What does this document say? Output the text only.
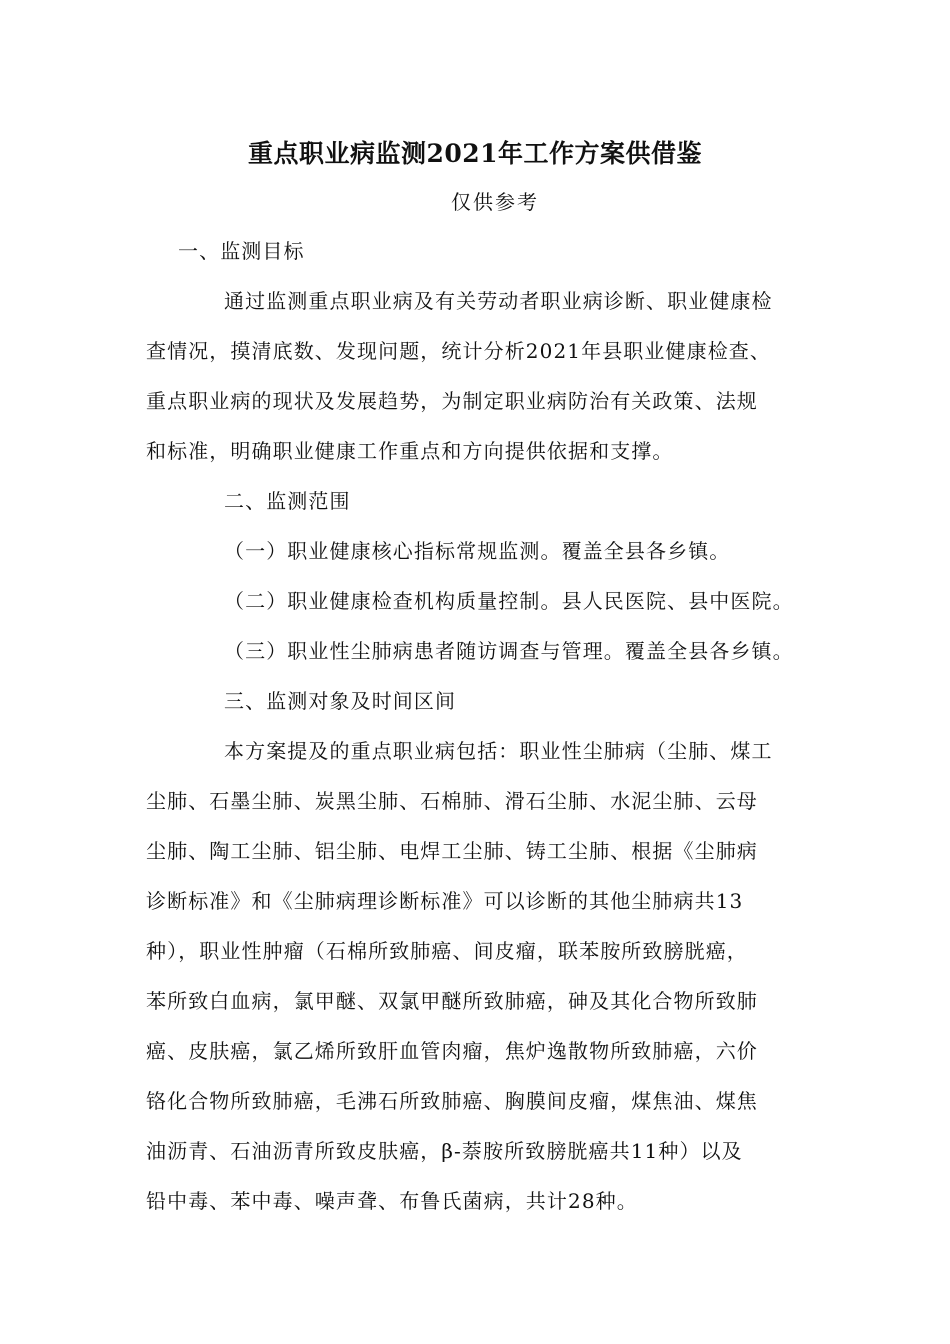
重点职业病监测2021年工作方案供借鉴
仅供参考
一、监测目标
通过监测重点职业病及有关劳动者职业病诊断、职业健康检
查情况，摸清底数、发现问题，统计分析2021年县职业健康检查、
重点职业病的现状及发展趋势，为制定职业病防治有关政策、法规
和标准，明确职业健康工作重点和方向提供依据和支撑。
二、监测范围
（一）职业健康核心指标常规监测。覆盖全县各乡镇。
（二）职业健康检查机构质量控制。县人民医院、县中医院。
（三）职业性尘肺病患者随访调查与管理。覆盖全县各乡镇。
三、监测对象及时间区间
本方案提及的重点职业病包括：职业性尘肺病（尘肺、煤工
尘肺、石墨尘肺、炭黑尘肺、石棉肺、滑石尘肺、水泥尘肺、云母
尘肺、陶工尘肺、铝尘肺、电焊工尘肺、铸工尘肺、根据《尘肺病
诊断标准》和《尘肺病理诊断标准》可以诊断的其他尘肺病共13
种），职业性肿瘤（石棉所致肺癌、间皮瘤，联苯胺所致膀胱癌，
苯所致白血病，氯甲醚、双氯甲醚所致肺癌，砷及其化合物所致肺
癌、皮肤癌，氯乙烯所致肝血管肉瘤，焦炉逸散物所致肺癌，六价
铬化合物所致肺癌，毛沸石所致肺癌、胸膜间皮瘤，煤焦油、煤焦
油沥青、石油沥青所致皮肤癌，β-萘胺所致膀胱癌共11种）以及
铅中毒、苯中毒、噪声聋、布鲁氏菌病，共计28种。
